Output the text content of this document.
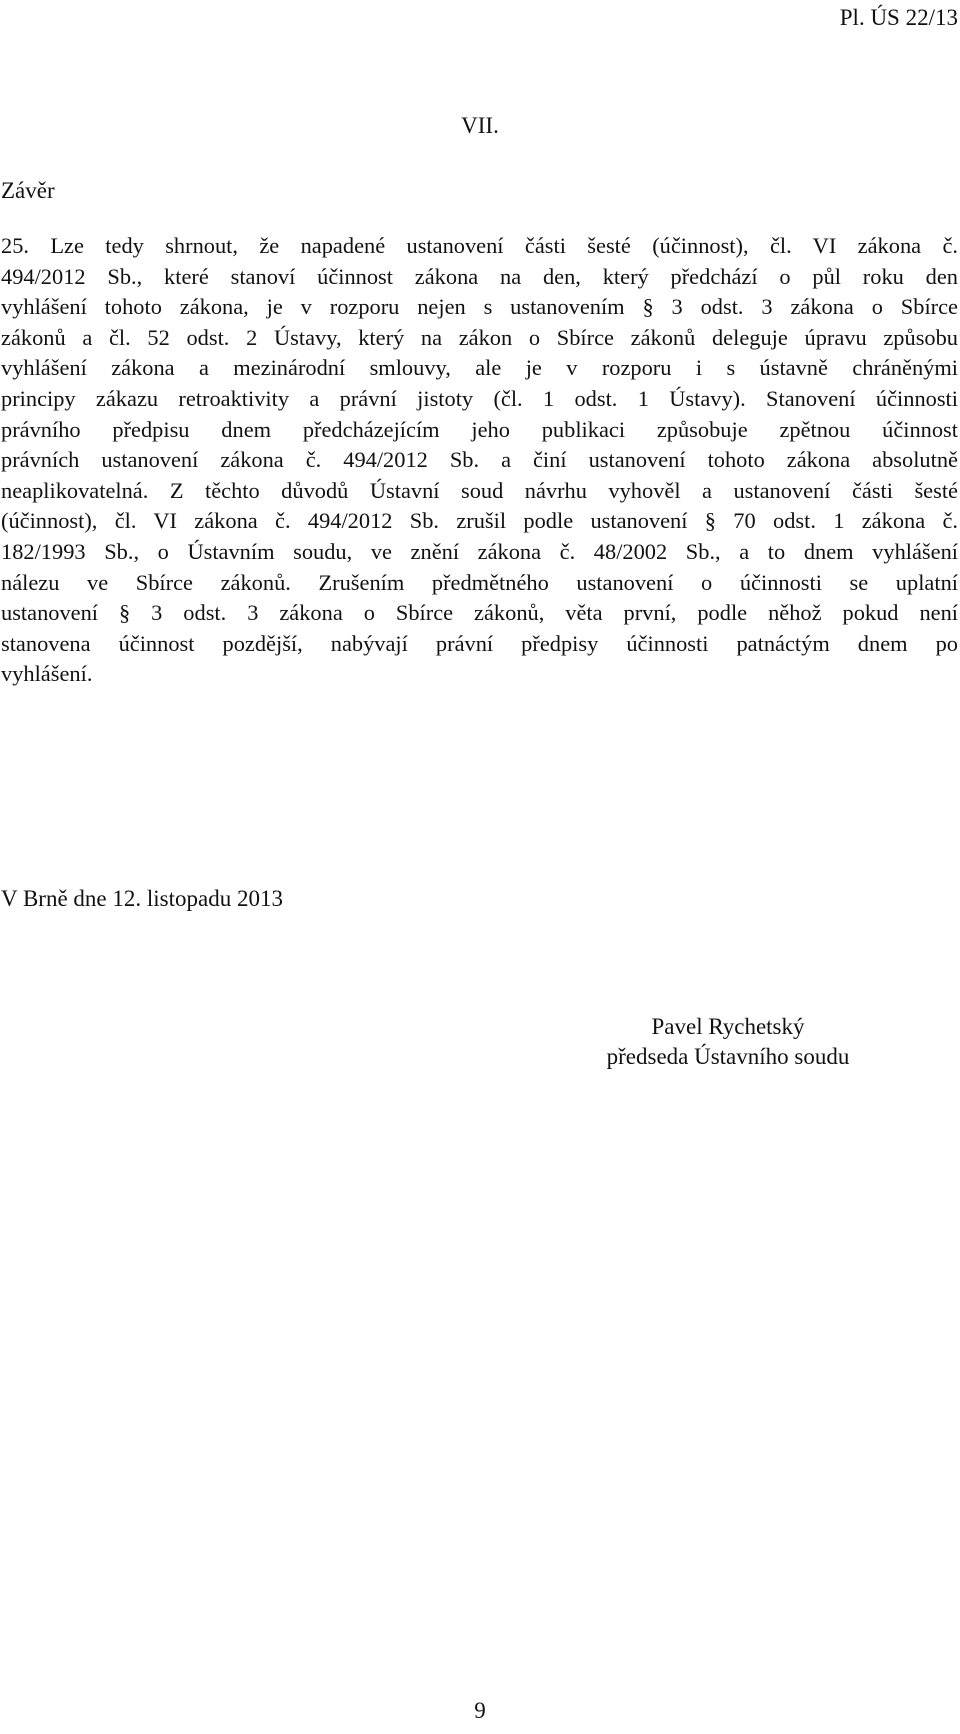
Pl. ÚS 22/13
VII.
Závěr
25. Lze tedy shrnout, že napadené ustanovení části šesté (účinnost), čl. VI zákona č.
494/2012 Sb., které stanoví účinnost zákona na den, který předchází o půl roku den
vyhlášení tohoto zákona, je v rozporu nejen s ustanovením § 3 odst. 3 zákona o Sbírce
zákonů a čl. 52 odst. 2 Ústavy, který na zákon o Sbírce zákonů deleguje úpravu způsobu
vyhlášení zákona a mezinárodní smlouvy, ale je v rozporu i s ústavně chráněnými
principy zákazu retroaktivity a právní jistoty (čl. 1 odst. 1 Ústavy). Stanovení účinnosti
právního předpisu dnem předcházejícím jeho publikaci způsobuje zpětnou účinnost
právních ustanovení zákona č. 494/2012 Sb. a činí ustanovení tohoto zákona absolutně
neaplikovatelná. Z těchto důvodů Ústavní soud návrhu vyhověl a ustanovení části šesté
(účinnost), čl. VI zákona č. 494/2012 Sb. zrušil podle ustanovení § 70 odst. 1 zákona č.
182/1993 Sb., o Ústavním soudu, ve znění zákona č. 48/2002 Sb., a to dnem vyhlášení
nálezu ve Sbírce zákonů. Zrušením předmětného ustanovení o účinnosti se uplatní
ustanovení § 3 odst. 3 zákona o Sbírce zákonů, věta první, podle něhož pokud není
stanovena účinnost pozdější, nabývají právní předpisy účinnosti patnáctým dnem po
vyhlášení.
V Brně dne 12. listopadu 2013
Pavel Rychetský
předseda Ústavního soudu
9
